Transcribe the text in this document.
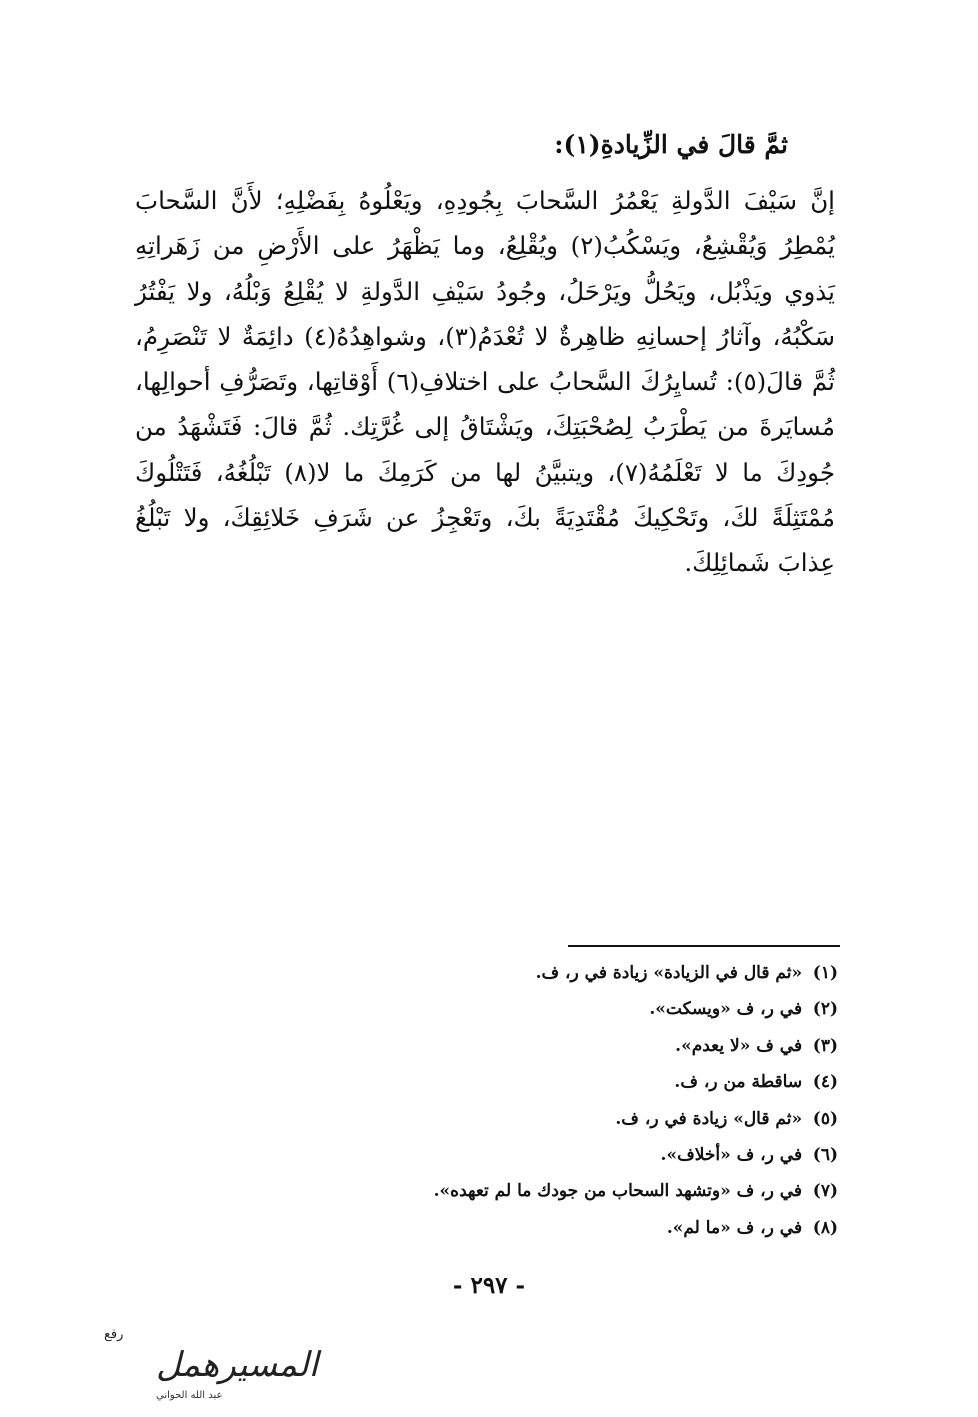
ثمَّ قالَ في الزِّيادةِ(١):

إنَّ سَيْفَ الدَّولةِ يَعْمُرُ السَّحابَ بِجُودِهِ، ويَعْلُوهُ بِفَضْلِهِ؛ لأَنَّ السَّحابَ يُمْطِرُ وَيُقْشِعُ، ويَسْكُبُ(٢) ويُقْلِعُ، وما يَظْهَرُ على الأَرْضِ من زَهَراتِهِ يَذوي ويَذْبُل، ويَحُلُّ ويَرْحَلُ، وجُودُ سَيْفِ الدَّولةِ لا يُقْلِعُ وَبْلُهُ، ولا يَفْتُرُ سَكْبُهُ، وآثارُ إحسانِهِ ظاهِرةٌ لا تُعْدَمُ(٣)، وشواهِدُهُ(٤) دائِمَةٌ لا تَنْصَرِمُ، ثُمَّ قالَ(٥): تُسايِرُكَ السَّحابُ على اختلافِ(٦) أَوْقاتِها، وتَصَرُّفِ أحوالِها، مُسايَرةَ من يَطْرَبُ لِصُحْبَتِكَ، ويَشْتَاقُ إلى غُرَّتِك. ثُمَّ قالَ: فَتَشْهَدُ من جُودِكَ ما لا تَعْلَمُهُ(٧)، ويتبيَّنُ لها من كَرَمِكَ ما لا(٨) تَبْلُغُهُ، فَتَتْلُوكَ مُمْتَثِلَةً لكَ، وتَحْكِيكَ مُقْتَدِيَةً بكَ، وتَعْجِزُ عن شَرَفِ خَلائِقِكَ، ولا تَبْلُغُ عِذابَ شَمائِلِكَ.

(١) «ثم قال في الزيادة» زيادة في ر، ف.
(٢) في ر، ف «ويسكت».
(٣) في ف «لا يعدم».
(٤) ساقطة من ر، ف.
(٥) «ثم قال» زيادة في ر، ف.
(٦) في ر، ف «أخلاف».
(٧) في ر، ف «وتشهد السحاب من جودك ما لم تعهده».
(٨) في ر، ف «ما لم».
- ٢٩٧ -
رفع
المسيرهمل
عبد الله الحواني
